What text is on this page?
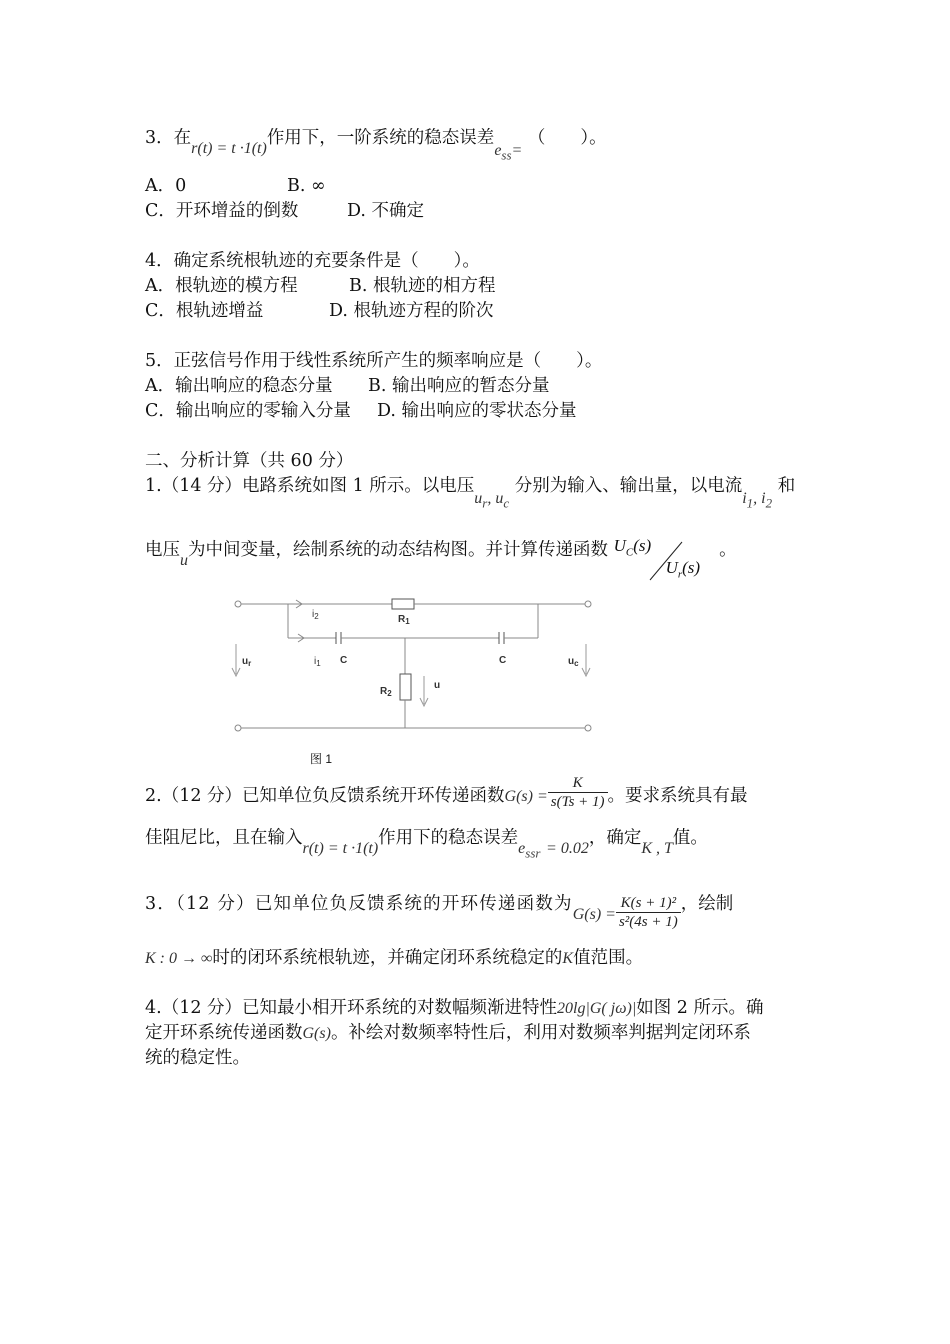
3．在r(t) = t ·1(t)作用下，一阶系统的稳态误差$e_{ss}=$ （　　）。
A．0	B. ∞
C．开环增益的倒数	D. 不确定
4．确定系统根轨迹的充要条件是（　　）。
A．根轨迹的模方程	B. 根轨迹的相方程
C．根轨迹增益	D. 根轨迹方程的阶次
5．正弦信号作用于线性系统所产生的频率响应是（　　）。
A．输出响应的稳态分量 B. 输出响应的暂态分量
C．输出响应的零输入分量 D. 输出响应的零状态分量
二、分析计算（共 60 分）
1.（14 分）电路系统如图 1 所示。以电压$u_r$, $u_c$ 分别为输入、输出量，以电流$i_1$, $i_2$ 和
电压u为中间变量，绘制系统的动态结构图。并计算传递函数 $U_C(s)$
$U_r(s)$
。
$i_2$	$R_1$
$i_1$ C	C
$u_r$	$u_c$
$R_2$
u
图 1
2.（12 分）已知单位负反馈系统开环传递函数$G(s) = \frac{K}{s(Ts + 1)}$ 。要求系统具有最
佳阻尼比，且在输入r(t) = t ·1(t)作用下的稳态误差$e_{ssr} = 0.02$，确定K , T值。
3．（12 分）已知单位负反馈系统的开环传递函数为$G(s) = \frac{\text{K(s + 1)²}}{\text{s²(4s + 1)}}$ ，绘制
K : 0 → ∞时的闭环系统根轨迹，并确定闭环系统稳定的K值范围。
4.（12 分）已知最小相开环系统的对数幅频渐进特性20lg|G( jω)|如图 2 所示。确
定开环系统传递函数G(s)。补绘对数频率特性后，利用对数频率判据判定闭环系
统的稳定性。
